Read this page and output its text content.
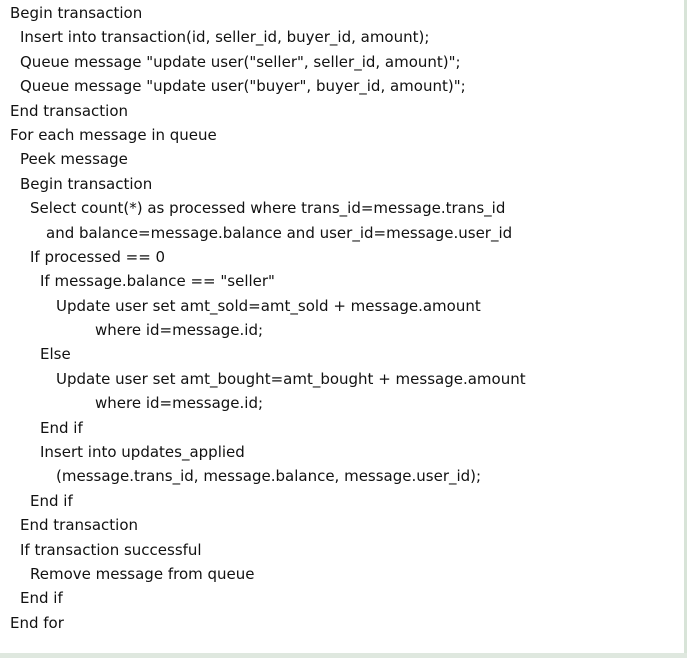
Begin transaction
Insert into transaction(id, seller_id, buyer_id, amount);
Queue message "update user("seller", seller_id, amount)";
Queue message "update user("buyer", buyer_id, amount)";
End transaction
For each message in queue
Peek message
Begin transaction
Select count(*) as processed where trans_id=message.trans_id
and balance=message.balance and user_id=message.user_id
If processed == 0
If message.balance == "seller"
Update user set amt_sold=amt_sold + message.amount
where id=message.id;
Else
Update user set amt_bought=amt_bought + message.amount
where id=message.id;
End if
Insert into updates_applied
(message.trans_id, message.balance, message.user_id);
End if
End transaction
If transaction successful
Remove message from queue
End if
End for
